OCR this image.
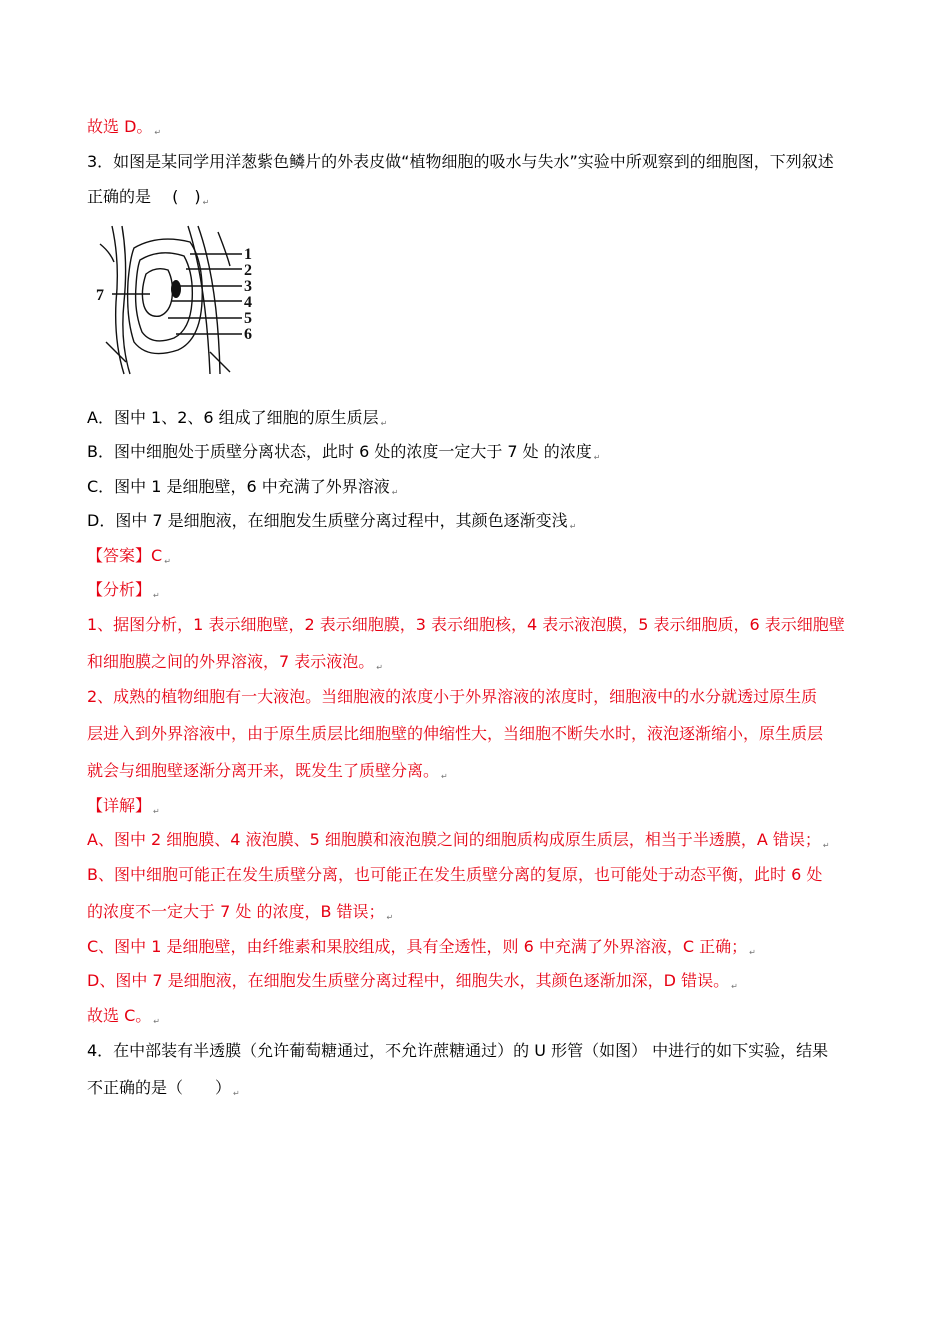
故选 D。 ↵
3．如图是某同学用洋葱紫色鳞片的外表皮做“植物细胞的吸水与失水”实验中所观察到的细胞图，下列叙述
正确的是 　(　) ↵
1
2
3
4
5
6
7
A．图中 1、2、6 组成了细胞的原生质层 ↵
B．图中细胞处于质壁分离状态，此时 6 处的浓度一定大于 7 处 的浓度 ↵
C．图中 1 是细胞壁，6 中充满了外界溶液 ↵
D．图中 7 是细胞液，在细胞发生质壁分离过程中，其颜色逐渐变浅 ↵
【答案】C ↵
【分析】 ↵
1、据图分析，1 表示细胞壁，2 表示细胞膜，3 表示细胞核，4 表示液泡膜，5 表示细胞质，6 表示细胞壁
和细胞膜之间的外界溶液，7 表示液泡。 ↵
2、成熟的植物细胞有一大液泡。当细胞液的浓度小于外界溶液的浓度时，细胞液中的水分就透过原生质
层进入到外界溶液中，由于原生质层比细胞壁的伸缩性大，当细胞不断失水时，液泡逐渐缩小，原生质层
就会与细胞壁逐渐分离开来，既发生了质壁分离。 ↵
【详解】 ↵
A、图中 2 细胞膜、4 液泡膜、5 细胞膜和液泡膜之间的细胞质构成原生质层，相当于半透膜，A 错误； ↵
B、图中细胞可能正在发生质壁分离，也可能正在发生质壁分离的复原，也可能处于动态平衡，此时 6 处
的浓度不一定大于 7 处 的浓度，B 错误； ↵
C、图中 1 是细胞壁，由纤维素和果胶组成，具有全透性，则 6 中充满了外界溶液，C 正确； ↵
D、图中 7 是细胞液，在细胞发生质壁分离过程中，细胞失水，其颜色逐渐加深，D 错误。 ↵
故选 C。 ↵
4．在中部装有半透膜（允许葡萄糖通过，不允许蔗糖通过）的 U 形管（如图） 中进行的如下实验，结果
不正确的是（　　） ↵
